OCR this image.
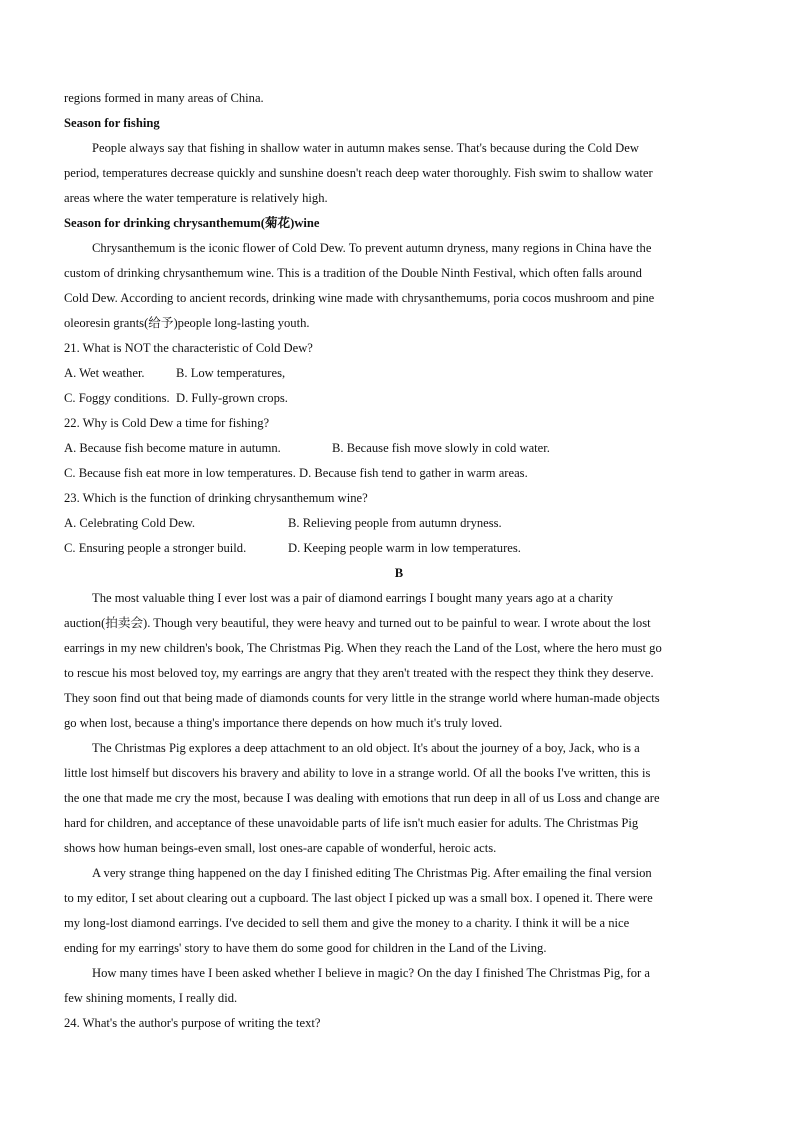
regions formed in many areas of China.
Season for fishing
People always say that fishing in shallow water in autumn makes sense. That's because during the Cold Dew
period, temperatures decrease quickly and sunshine doesn't reach deep water thoroughly. Fish swim to shallow water
areas where the water temperature is relatively high.
Season for drinking chrysanthemum(菊花)wine
Chrysanthemum is the iconic flower of Cold Dew. To prevent autumn dryness, many regions in China have the
custom of drinking chrysanthemum wine. This is a tradition of the Double Ninth Festival, which often falls around
Cold Dew. According to ancient records, drinking wine made with chrysanthemums, poria cocos mushroom and pine
oleoresin grants(给予)people long-lasting youth.
21. What is NOT the characteristic of Cold Dew?
A. Wet weather. B. Low temperatures,
C. Foggy conditions. D. Fully-grown crops.
22. Why is Cold Dew a time for fishing?
A. Because fish become mature in autumn.	B. Because fish move slowly in cold water.
C. Because fish eat more in low temperatures. D. Because fish tend to gather in warm areas.
23. Which is the function of drinking chrysanthemum wine?
A. Celebrating Cold Dew.	B. Relieving people from autumn dryness.
C. Ensuring people a stronger build.	D. Keeping people warm in low temperatures.
B
The most valuable thing I ever lost was a pair of diamond earrings I bought many years ago at a charity
auction(拍卖会). Though very beautiful, they were heavy and turned out to be painful to wear. I wrote about the lost
earrings in my new children's book, The Christmas Pig. When they reach the Land of the Lost, where the hero must go
to rescue his most beloved toy, my earrings are angry that they aren't treated with the respect they think they deserve.
They soon find out that being made of diamonds counts for very little in the strange world where human-made objects
go when lost, because a thing's importance there depends on how much it's truly loved.
The Christmas Pig explores a deep attachment to an old object. It's about the journey of a boy, Jack, who is a
little lost himself but discovers his bravery and ability to love in a strange world. Of all the books I've written, this is
the one that made me cry the most, because I was dealing with emotions that run deep in all of us Loss and change are
hard for children, and acceptance of these unavoidable parts of life isn't much easier for adults. The Christmas Pig
shows how human beings-even small, lost ones-are capable of wonderful, heroic acts.
A very strange thing happened on the day I finished editing The Christmas Pig. After emailing the final version
to my editor, I set about clearing out a cupboard. The last object I picked up was a small box. I opened it. There were
my long-lost diamond earrings. I've decided to sell them and give the money to a charity. I think it will be a nice
ending for my earrings' story to have them do some good for children in the Land of the Living.
How many times have I been asked whether I believe in magic? On the day I finished The Christmas Pig, for a
few shining moments, I really did.
24. What's the author's purpose of writing the text?
